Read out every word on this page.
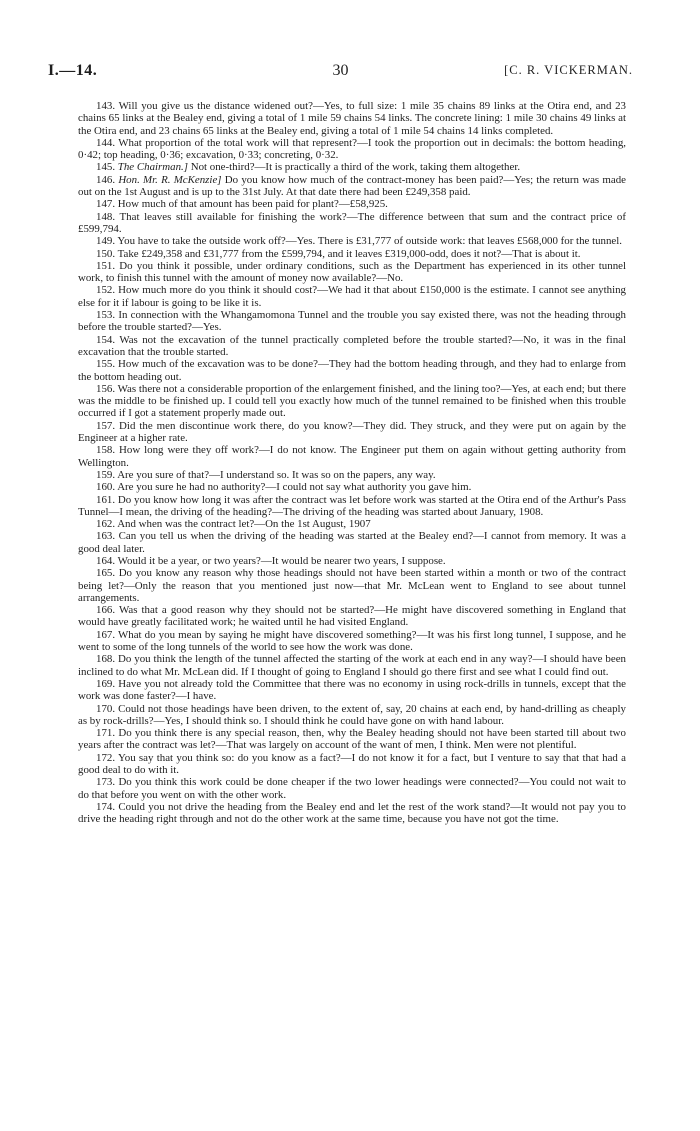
I.—14.	30	[C. R. VICKERMAN.

143. Will you give us the distance widened out?—Yes, to full size: 1 mile 35 chains 89 links at the Otira end, and 23 chains 65 links at the Bealey end, giving a total of 1 mile 59 chains 54 links. The concrete lining: 1 mile 30 chains 49 links at the Otira end, and 23 chains 65 links at the Bealey end, giving a total of 1 mile 54 chains 14 links completed.

144. What proportion of the total work will that represent?—I took the proportion out in decimals: the bottom heading, 0·42; top heading, 0·36; excavation, 0·33; concreting, 0·32.

145. The Chairman.] Not one-third?—It is practically a third of the work, taking them altogether.

146. Hon. Mr. R. McKenzie] Do you know how much of the contract-money has been paid?—Yes; the return was made out on the 1st August and is up to the 31st July. At that date there had been £249,358 paid.

147. How much of that amount has been paid for plant?—£58,925.

148. That leaves still available for finishing the work?—The difference between that sum and the contract price of £599,794.

149. You have to take the outside work off?—Yes. There is £31,777 of outside work: that leaves £568,000 for the tunnel.

150. Take £249,358 and £31,777 from the £599,794, and it leaves £319,000-odd, does it not?—That is about it.

151. Do you think it possible, under ordinary conditions, such as the Department has experienced in its other tunnel work, to finish this tunnel with the amount of money now available?—No.

152. How much more do you think it should cost?—We had it that about £150,000 is the estimate. I cannot see anything else for it if labour is going to be like it is.

153. In connection with the Whangamomona Tunnel and the trouble you say existed there, was not the heading through before the trouble started?—Yes.

154. Was not the excavation of the tunnel practically completed before the trouble started?—No, it was in the final excavation that the trouble started.

155. How much of the excavation was to be done?—They had the bottom heading through, and they had to enlarge from the bottom heading out.

156. Was there not a considerable proportion of the enlargement finished, and the lining too?—Yes, at each end; but there was the middle to be finished up. I could tell you exactly how much of the tunnel remained to be finished when this trouble occurred if I got a statement properly made out.

157. Did the men discontinue work there, do you know?—They did. They struck, and they were put on again by the Engineer at a higher rate.

158. How long were they off work?—I do not know. The Engineer put them on again without getting authority from Wellington.

159. Are you sure of that?—I understand so. It was so on the papers, any way.

160. Are you sure he had no authority?—I could not say what authority you gave him.

161. Do you know how long it was after the contract was let before work was started at the Otira end of the Arthur's Pass Tunnel—I mean, the driving of the heading?—The driving of the heading was started about January, 1908.

162. And when was the contract let?—On the 1st August, 1907

163. Can you tell us when the driving of the heading was started at the Bealey end?—I cannot from memory. It was a good deal later.

164. Would it be a year, or two years?—It would be nearer two years, I suppose.

165. Do you know any reason why those headings should not have been started within a month or two of the contract being let?—Only the reason that you mentioned just now—that Mr. McLean went to England to see about tunnel arrangements.

166. Was that a good reason why they should not be started?—He might have discovered something in England that would have greatly facilitated work; he waited until he had visited England.

167. What do you mean by saying he might have discovered something?—It was his first long tunnel, I suppose, and he went to some of the long tunnels of the world to see how the work was done.

168. Do you think the length of the tunnel affected the starting of the work at each end in any way?—I should have been inclined to do what Mr. McLean did. If I thought of going to England I should go there first and see what I could find out.

169. Have you not already told the Committee that there was no economy in using rock-drills in tunnels, except that the work was done faster?—I have.

170. Could not those headings have been driven, to the extent of, say, 20 chains at each end, by hand-drilling as cheaply as by rock-drills?—Yes, I should think so. I should think he could have gone on with hand labour.

171. Do you think there is any special reason, then, why the Bealey heading should not have been started till about two years after the contract was let?—That was largely on account of the want of men, I think. Men were not plentiful.

172. You say that you think so: do you know as a fact?—I do not know it for a fact, but I venture to say that that had a good deal to do with it.

173. Do you think this work could be done cheaper if the two lower headings were connected?—You could not wait to do that before you went on with the other work.

174. Could you not drive the heading from the Bealey end and let the rest of the work stand?—It would not pay you to drive the heading right through and not do the other work at the same time, because you have not got the time.
